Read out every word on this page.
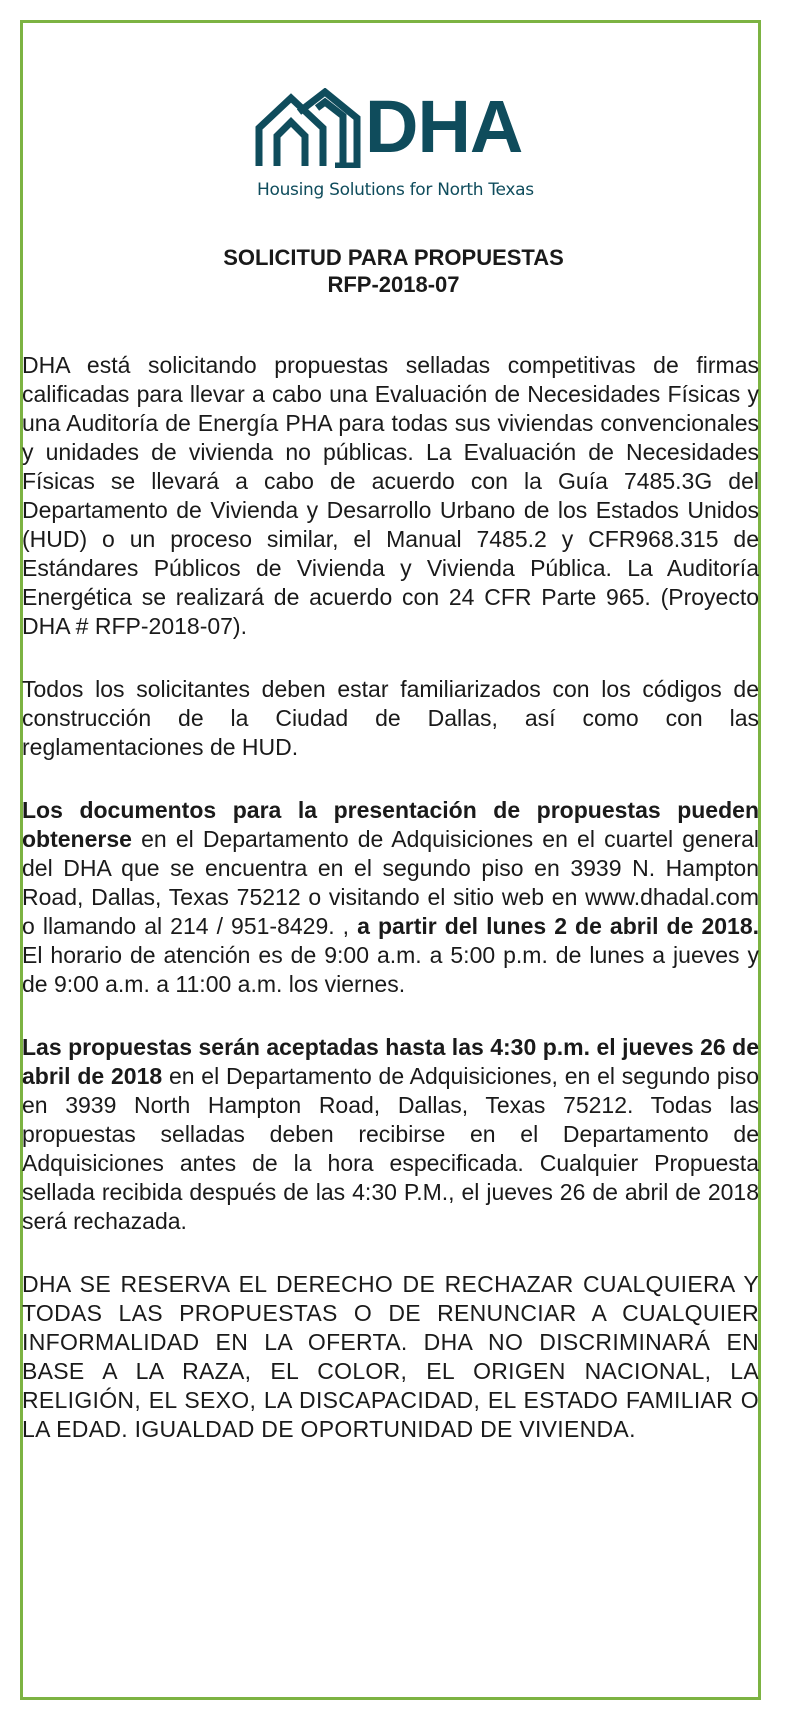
DHA
Housing Solutions for North Texas
SOLICITUD PARA PROPUESTAS
RFP-2018-07

DHA está solicitando propuestas selladas competitivas de firmas calificadas para llevar a cabo una Evaluación de Necesidades Físicas y una Auditoría de Energía PHA para todas sus viviendas convencionales y unidades de vivienda no públicas. La Evaluación de Necesidades Físicas se llevará a cabo de acuerdo con la Guía 7485.3G del Departamento de Vivienda y Desarrollo Urbano de los Estados Unidos (HUD) o un proceso similar, el Manual 7485.2 y CFR968.315 de Estándares Públicos de Vivienda y Vivienda Pública. La Auditoría Energética se realizará de acuerdo con 24 CFR Parte 965. (Proyecto DHA # RFP-2018-07).

Todos los solicitantes deben estar familiarizados con los códigos de construcción de la Ciudad de Dallas, así como con las reglamentaciones de HUD.

Los documentos para la presentación de propuestas pueden obtenerse en el Departamento de Adquisiciones en el cuartel general del DHA que se encuentra en el segundo piso en 3939 N. Hampton Road, Dallas, Texas 75212 o visitando el sitio web en www.dhadal.com o llamando al 214 / 951-8429. , a partir del lunes 2 de abril de 2018. El horario de atención es de 9:00 a.m. a 5:00 p.m. de lunes a jueves y de 9:00 a.m. a 11:00 a.m. los viernes.

Las propuestas serán aceptadas hasta las 4:30 p.m. el jueves 26 de abril de 2018 en el Departamento de Adquisiciones, en el segundo piso en 3939 North Hampton Road, Dallas, Texas 75212. Todas las propuestas selladas deben recibirse en el Departamento de Adquisiciones antes de la hora especificada. Cualquier Propuesta sellada recibida después de las 4:30 P.M., el jueves 26 de abril de 2018 será rechazada.

DHA SE RESERVA EL DERECHO DE RECHAZAR CUALQUIERA Y TODAS LAS PROPUESTAS O DE RENUNCIAR A CUALQUIER INFORMALIDAD EN LA OFERTA. DHA NO DISCRIMINARÁ EN BASE A LA RAZA, EL COLOR, EL ORIGEN NACIONAL, LA RELIGIÓN, EL SEXO, LA DISCAPACIDAD, EL ESTADO FAMILIAR O LA EDAD. IGUALDAD DE OPORTUNIDAD DE VIVIENDA.
